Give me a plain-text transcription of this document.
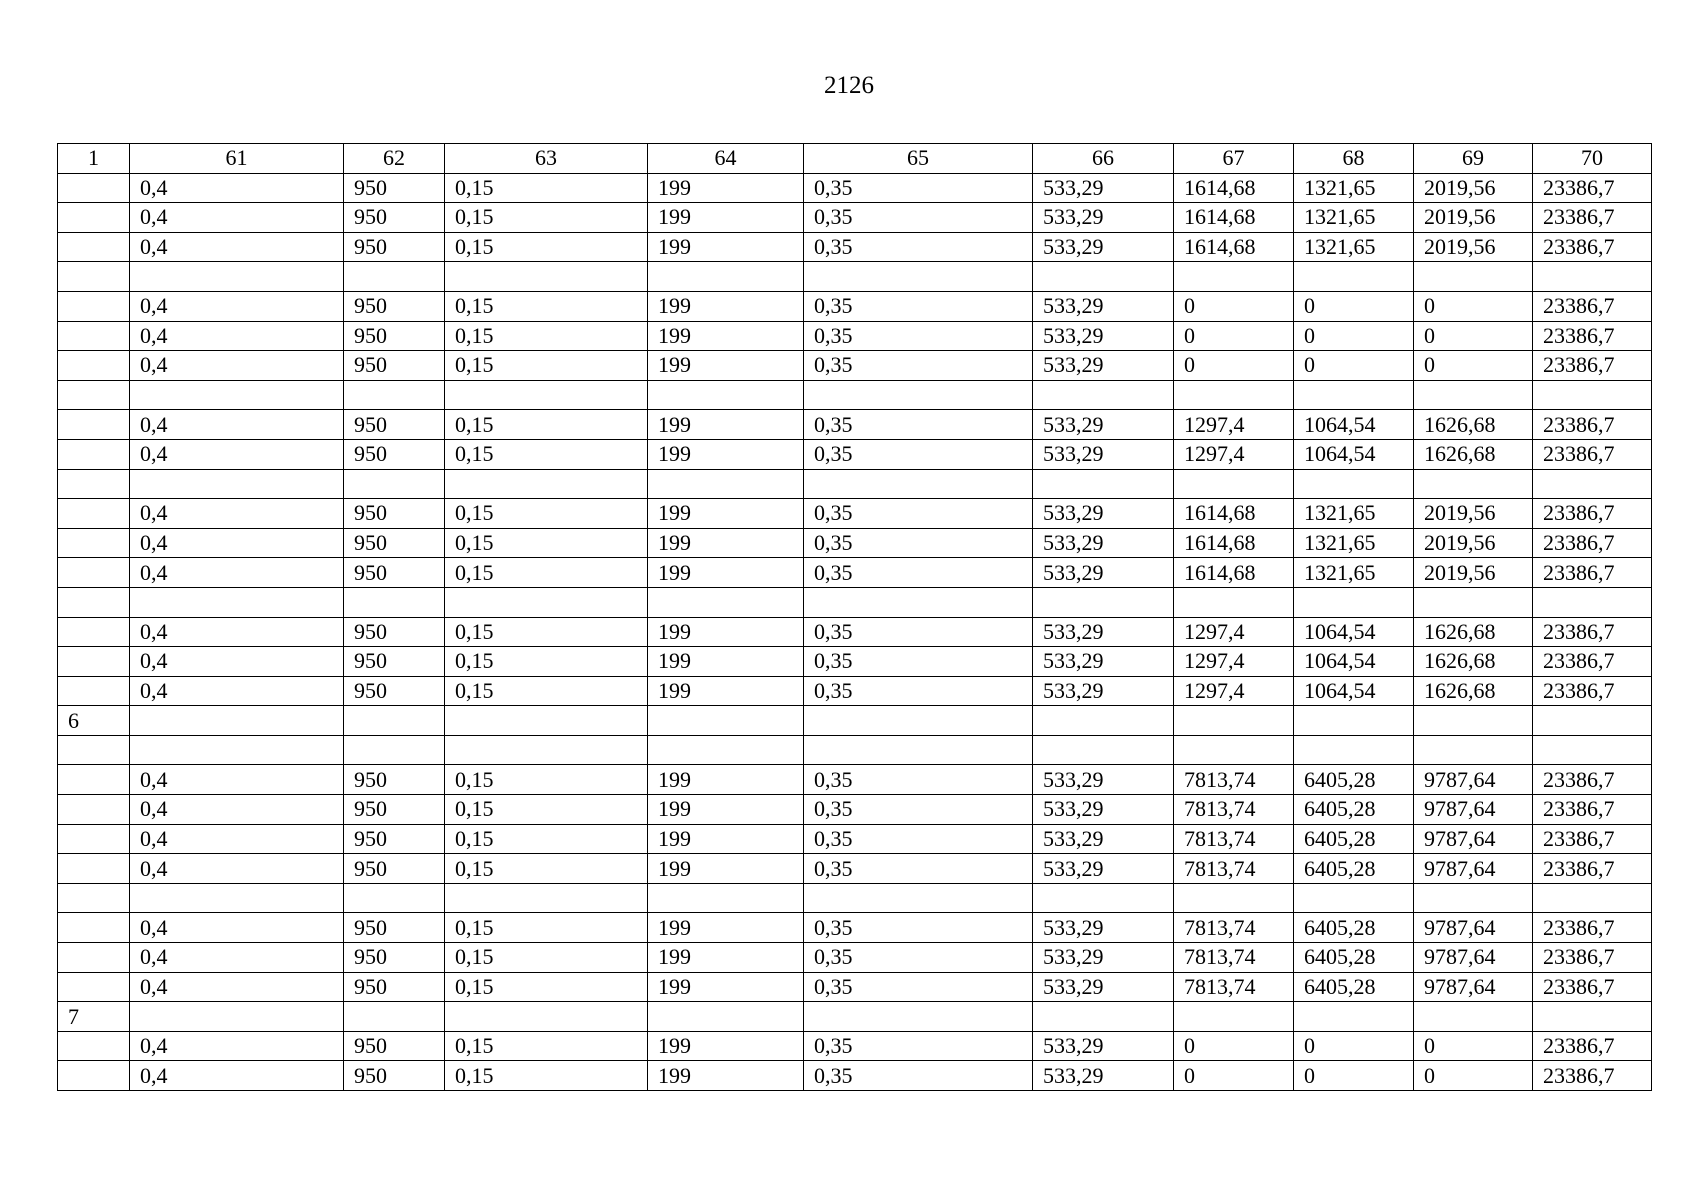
2126
1	61	62	63	64	65	66	67	68	69	70
	0,4	950	0,15	199	0,35	533,29	1614,68	1321,65	2019,56	23386,7
	0,4	950	0,15	199	0,35	533,29	1614,68	1321,65	2019,56	23386,7
	0,4	950	0,15	199	0,35	533,29	1614,68	1321,65	2019,56	23386,7

	0,4	950	0,15	199	0,35	533,29	0	0	0	23386,7
	0,4	950	0,15	199	0,35	533,29	0	0	0	23386,7
	0,4	950	0,15	199	0,35	533,29	0	0	0	23386,7

	0,4	950	0,15	199	0,35	533,29	1297,4	1064,54	1626,68	23386,7
	0,4	950	0,15	199	0,35	533,29	1297,4	1064,54	1626,68	23386,7

	0,4	950	0,15	199	0,35	533,29	1614,68	1321,65	2019,56	23386,7
	0,4	950	0,15	199	0,35	533,29	1614,68	1321,65	2019,56	23386,7
	0,4	950	0,15	199	0,35	533,29	1614,68	1321,65	2019,56	23386,7

	0,4	950	0,15	199	0,35	533,29	1297,4	1064,54	1626,68	23386,7
	0,4	950	0,15	199	0,35	533,29	1297,4	1064,54	1626,68	23386,7
	0,4	950	0,15	199	0,35	533,29	1297,4	1064,54	1626,68	23386,7
6										

	0,4	950	0,15	199	0,35	533,29	7813,74	6405,28	9787,64	23386,7
	0,4	950	0,15	199	0,35	533,29	7813,74	6405,28	9787,64	23386,7
	0,4	950	0,15	199	0,35	533,29	7813,74	6405,28	9787,64	23386,7
	0,4	950	0,15	199	0,35	533,29	7813,74	6405,28	9787,64	23386,7

	0,4	950	0,15	199	0,35	533,29	7813,74	6405,28	9787,64	23386,7
	0,4	950	0,15	199	0,35	533,29	7813,74	6405,28	9787,64	23386,7
	0,4	950	0,15	199	0,35	533,29	7813,74	6405,28	9787,64	23386,7
7										
	0,4	950	0,15	199	0,35	533,29	0	0	0	23386,7
	0,4	950	0,15	199	0,35	533,29	0	0	0	23386,7
